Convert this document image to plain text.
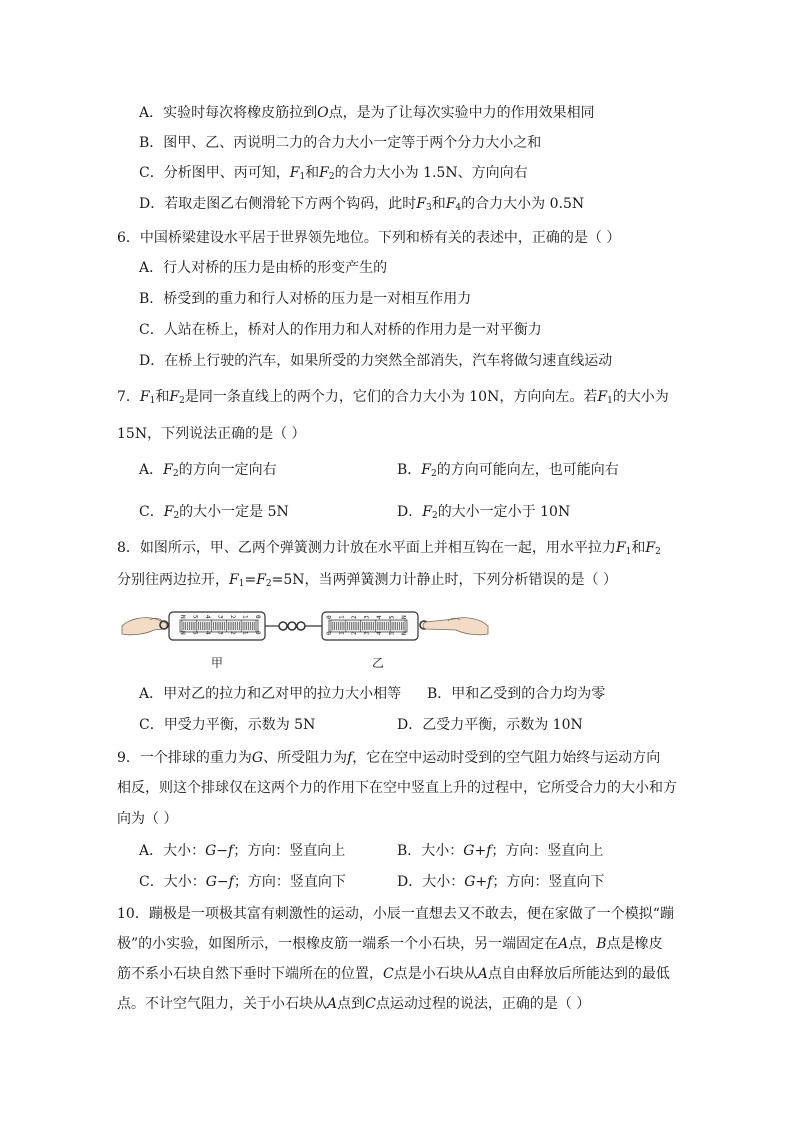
A．实验时每次将橡皮筋拉到O点，是为了让每次实验中力的作用效果相同
B．图甲、乙、丙说明二力的合力大小一定等于两个分力大小之和
C．分析图甲、丙可知，$F_1$和$F_2$的合力大小为 1.5N、方向向右
D．若取走图乙右侧滑轮下方两个钩码，此时$F_3$和$F_4$的合力大小为 0.5N
6．中国桥梁建设水平居于世界领先地位。下列和桥有关的表述中，正确的是（ ）
A．行人对桥的压力是由桥的形变产生的
B．桥受到的重力和行人对桥的压力是一对相互作用力
C．人站在桥上，桥对人的作用力和人对桥的作用力是一对平衡力
D．在桥上行驶的汽车，如果所受的力突然全部消失，汽车将做匀速直线运动
7．$F_1$和$F_2$是同一条直线上的两个力，它们的合力大小为 10N，方向向左。若$F_1$的大小为
15N，下列说法正确的是（ ）
A．$F_2$的方向一定向右	B．$F_2$的方向可能向左，也可能向右
C．$F_2$的大小一定是 5N	D．$F_2$的大小一定小于 10N
8．如图所示，甲、乙两个弹簧测力计放在水平面上并相互钩在一起，用水平拉力$F_1$和$F_2$
分别往两边拉开，$F_1=F_2=5N$，当两弹簧测力计静止时，下列分析错误的是（ ）
0
0
1
1
2
2
3
3
4
4
5
5
N
N
0
0
1
1
2
2
3
3
4
4
5
5
N
N
甲	乙
A．甲对乙的拉力和乙对甲的拉力大小相等 B．甲和乙受到的合力均为零
C．甲受力平衡，示数为 5N	D．乙受力平衡，示数为 10N
9．一个排球的重力为G、所受阻力为f，它在空中运动时受到的空气阻力始终与运动方向
相反，则这个排球仅在这两个力的作用下在空中竖直上升的过程中，它所受合力的大小和方
向为（ ）
A．大小：G−f；方向：竖直向上	B．大小：G+f；方向：竖直向上
C．大小：G−f；方向：竖直向下	D．大小：G+f；方向：竖直向下
10．蹦极是一项极其富有刺激性的运动，小辰一直想去又不敢去，便在家做了一个模拟“蹦
极”的小实验，如图所示，一根橡皮筋一端系一个小石块，另一端固定在A点，B点是橡皮
筋不系小石块自然下垂时下端所在的位置，C点是小石块从A点自由释放后所能达到的最低
点。不计空气阻力，关于小石块从A点到C点运动过程的说法，正确的是（ ）
